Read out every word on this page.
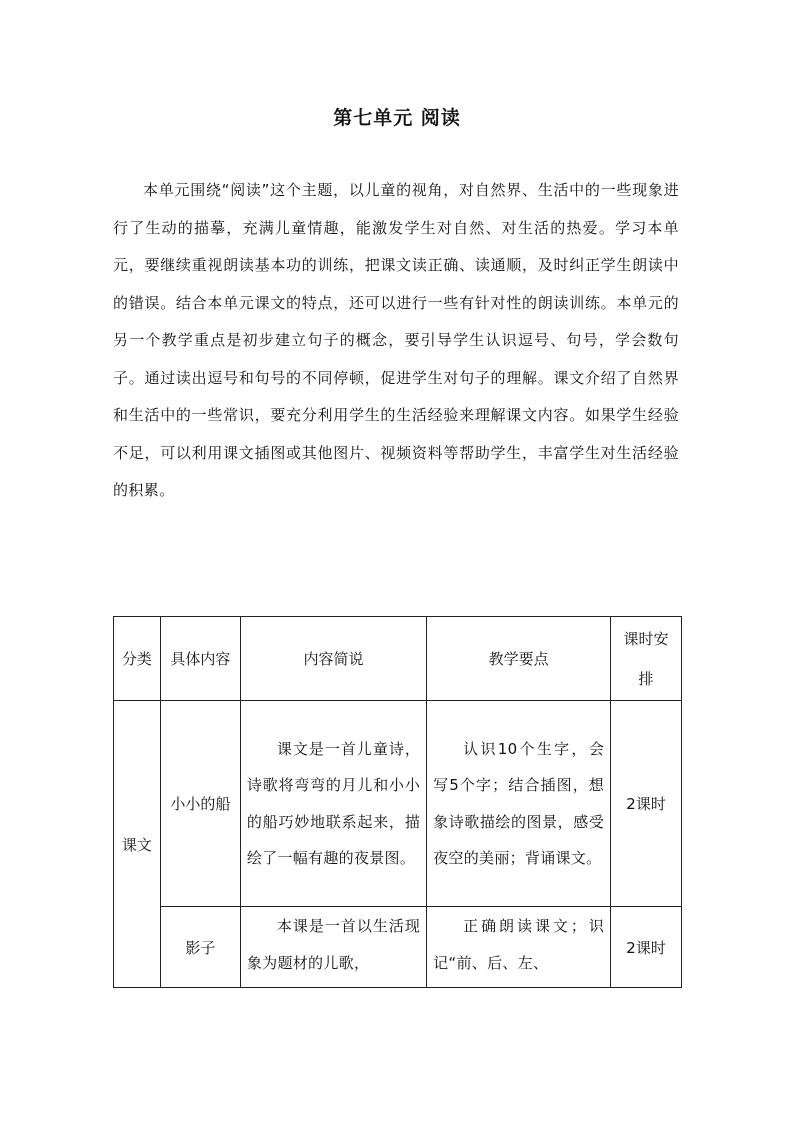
第七单元 阅读

本单元围绕“阅读”这个主题，以儿童的视角，对自然界、生活中的一些现象进行了生动的描摹，充满儿童情趣，能激发学生对自然、对生活的热爱。学习本单元，要继续重视朗读基本功的训练，把课文读正确、读通顺，及时纠正学生朗读中的错误。结合本单元课文的特点，还可以进行一些有针对性的朗读训练。本单元的另一个教学重点是初步建立句子的概念，要引导学生认识逗号、句号，学会数句子。通过读出逗号和句号的不同停顿，促进学生对句子的理解。课文介绍了自然界和生活中的一些常识，要充分利用学生的生活经验来理解课文内容。如果学生经验不足，可以利用课文插图或其他图片、视频资料等帮助学生，丰富学生对生活经验的积累。

分类	具体内容	内容简说	教学要点	课时安排
课文	小小的船	课文是一首儿童诗，诗歌将弯弯的月儿和小小的船巧妙地联系起来，描绘了一幅有趣的夜景图。	认识10个生字，会写5个字；结合插图，想象诗歌描绘的图景，感受夜空的美丽；背诵课文。	2课时
	影子	本课是一首以生活现象为题材的儿歌，	正确朗读课文；识记“前、后、左、	2课时
